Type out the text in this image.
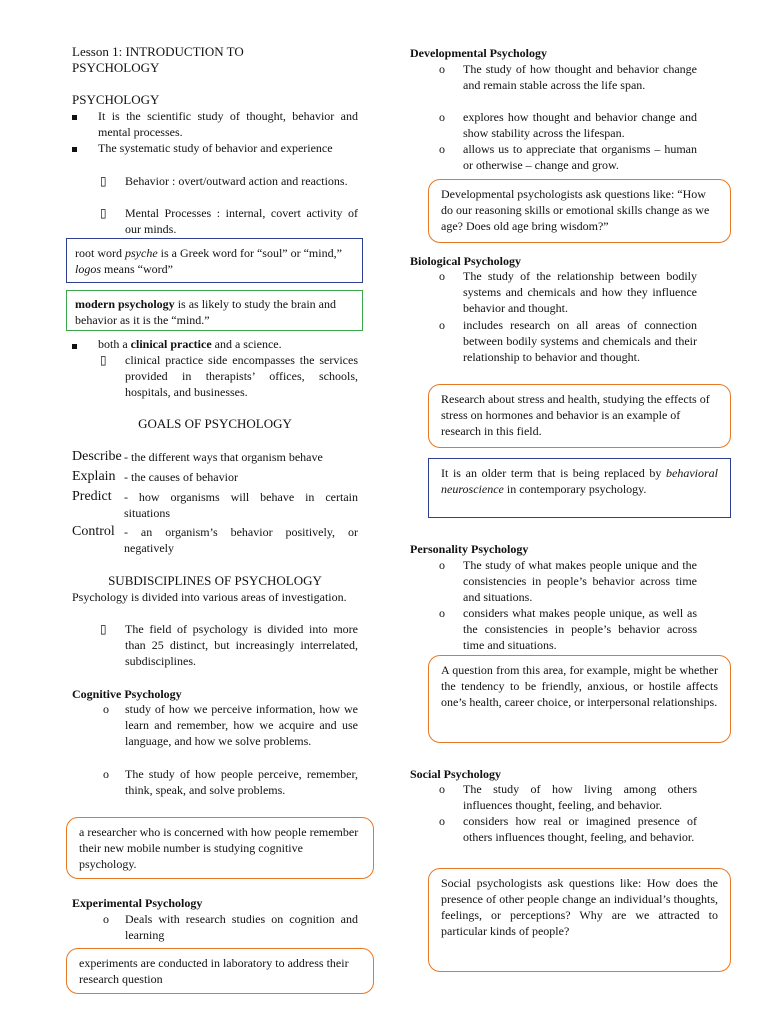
Lesson 1: INTRODUCTION TO
PSYCHOLOGY
PSYCHOLOGY
It is the scientific study of thought, behavior and mental processes.
The systematic study of behavior and experience
▯ Behavior : overt/outward action and reactions.
▯ Mental Processes : internal, covert activity of our minds.
root word psyche is a Greek word for “soul” or “mind,” logos means “word”
modern psychology is as likely to study the brain and behavior as it is the “mind.”
both a clinical practice and a science.
▯ clinical practice side encompasses the services provided in therapists’ offices, schools, hospitals, and businesses.
GOALS OF PSYCHOLOGY
Describe - the different ways that organism behave
Explain - the causes of behavior
Predict - how organisms will behave in certain situations
Control - an organism’s behavior positively, or negatively
SUBDISCIPLINES OF PSYCHOLOGY
Psychology is divided into various areas of investigation.
▯ The field of psychology is divided into more than 25 distinct, but increasingly interrelated, subdisciplines.
Cognitive Psychology
o study of how we perceive information, how we learn and remember, how we acquire and use language, and how we solve problems.
o The study of how people perceive, remember, think, speak, and solve problems.
a researcher who is concerned with how people remember their new mobile number is studying cognitive psychology.
Experimental Psychology
o Deals with research studies on cognition and learning
experiments are conducted in laboratory to address their research question
Developmental Psychology
o The study of how thought and behavior change and remain stable across the life span.
o explores how thought and behavior change and show stability across the lifespan.
o allows us to appreciate that organisms – human or otherwise – change and grow.
Developmental psychologists ask questions like: “How do our reasoning skills or emotional skills change as we age? Does old age bring wisdom?”
Biological Psychology
o The study of the relationship between bodily systems and chemicals and how they influence behavior and thought.
o includes research on all areas of connection between bodily systems and chemicals and their relationship to behavior and thought.
Research about stress and health, studying the effects of stress on hormones and behavior is an example of research in this field.
It is an older term that is being replaced by behavioral neuroscience in contemporary psychology.
Personality Psychology
o The study of what makes people unique and the consistencies in people’s behavior across time and situations.
o considers what makes people unique, as well as the consistencies in people’s behavior across time and situations.
A question from this area, for example, might be whether the tendency to be friendly, anxious, or hostile affects one’s health, career choice, or interpersonal relationships.
Social Psychology
o The study of how living among others influences thought, feeling, and behavior.
o considers how real or imagined presence of others influences thought, feeling, and behavior.
Social psychologists ask questions like: How does the presence of other people change an individual’s thoughts, feelings, or perceptions? Why are we attracted to particular kinds of people?
